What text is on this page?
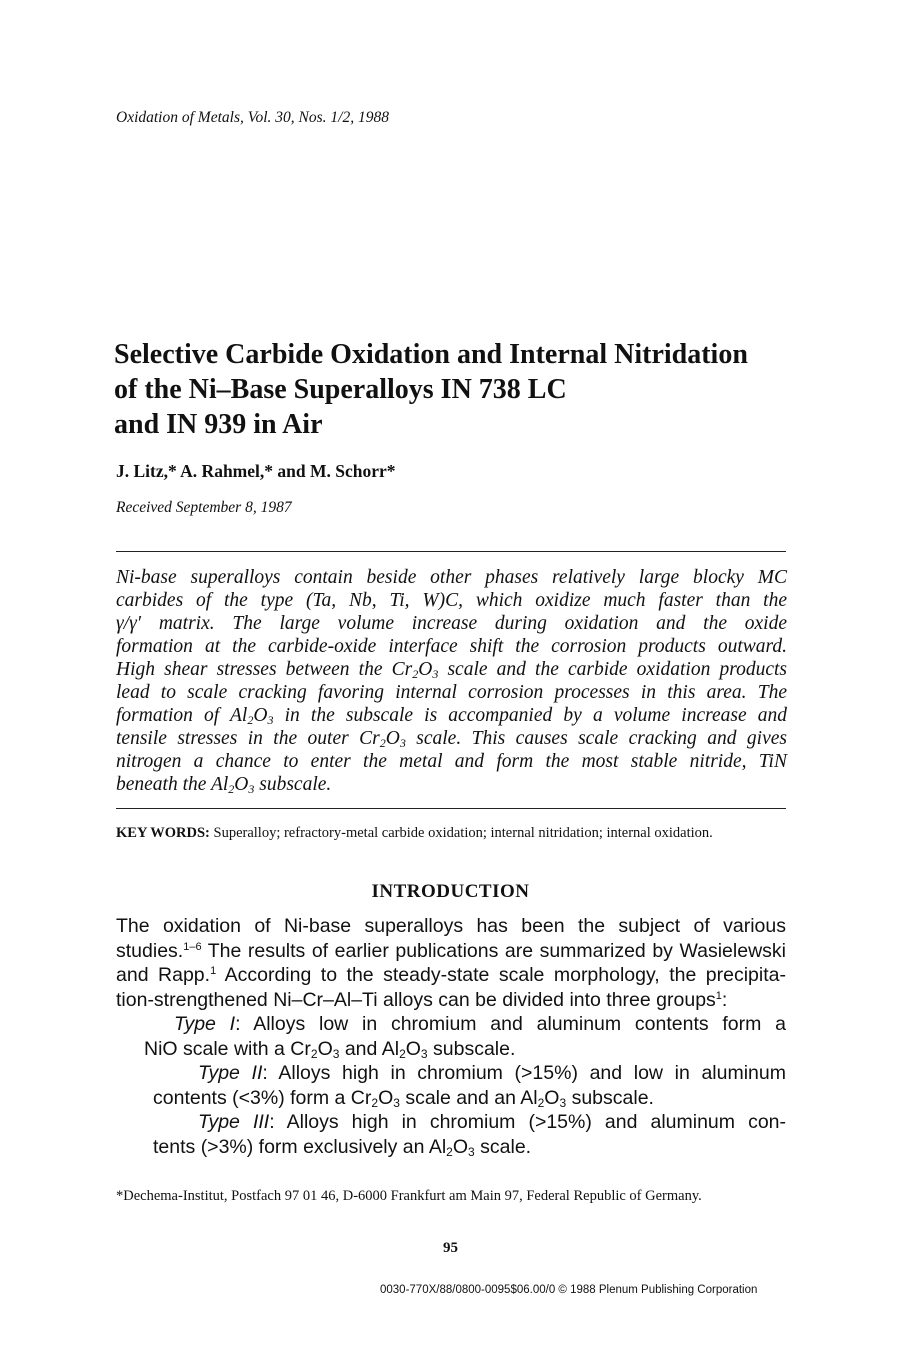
Oxidation of Metals, Vol. 30, Nos. 1/2, 1988
Selective Carbide Oxidation and Internal Nitridation
of the Ni–Base Superalloys IN 738 LC
and IN 939 in Air
J. Litz,* A. Rahmel,* and M. Schorr*
Received September 8, 1987
Ni-base superalloys contain beside other phases relatively large blocky MC
carbides of the type (Ta, Nb, Ti, W)C, which oxidize much faster than the
γ/γ′ matrix. The large volume increase during oxidation and the oxide
formation at the carbide-oxide interface shift the corrosion products outward.
High shear stresses between the $Cr_2O_3$ scale and the carbide oxidation products
lead to scale cracking favoring internal corrosion processes in this area. The
formation of $Al_2O_3$ in the subscale is accompanied by a volume increase and
tensile stresses in the outer $Cr_2O_3$ scale. This causes scale cracking and gives
nitrogen a chance to enter the metal and form the most stable nitride, TiN
beneath the $Al_2O_3$ subscale.
KEY WORDS: Superalloy; refractory-metal carbide oxidation; internal nitridation; internal oxidation.
INTRODUCTION
The oxidation of Ni-base superalloys has been the subject of various
studies.$^{1-6}$ The results of earlier publications are summarized by Wasielewski
and Rapp.$^1$ According to the steady-state scale morphology, the precipita-
tion-strengthened Ni–Cr–Al–Ti alloys can be divided into three groups$^1$:
Type I: Alloys low in chromium and aluminum contents form a
NiO scale with a $Cr_2O_3$ and $Al_2O_3$ subscale.
Type II: Alloys high in chromium (>15%) and low in aluminum
contents (<3%) form a $Cr_2O_3$ scale and an $Al_2O_3$ subscale.
Type III: Alloys high in chromium (>15%) and aluminum con-
tents (>3%) form exclusively an $Al_2O_3$ scale.
*Dechema-Institut, Postfach 97 01 46, D-6000 Frankfurt am Main 97, Federal Republic of Germany.
95
0030-770X/88/0800-0095$06.00/0 © 1988 Plenum Publishing Corporation
